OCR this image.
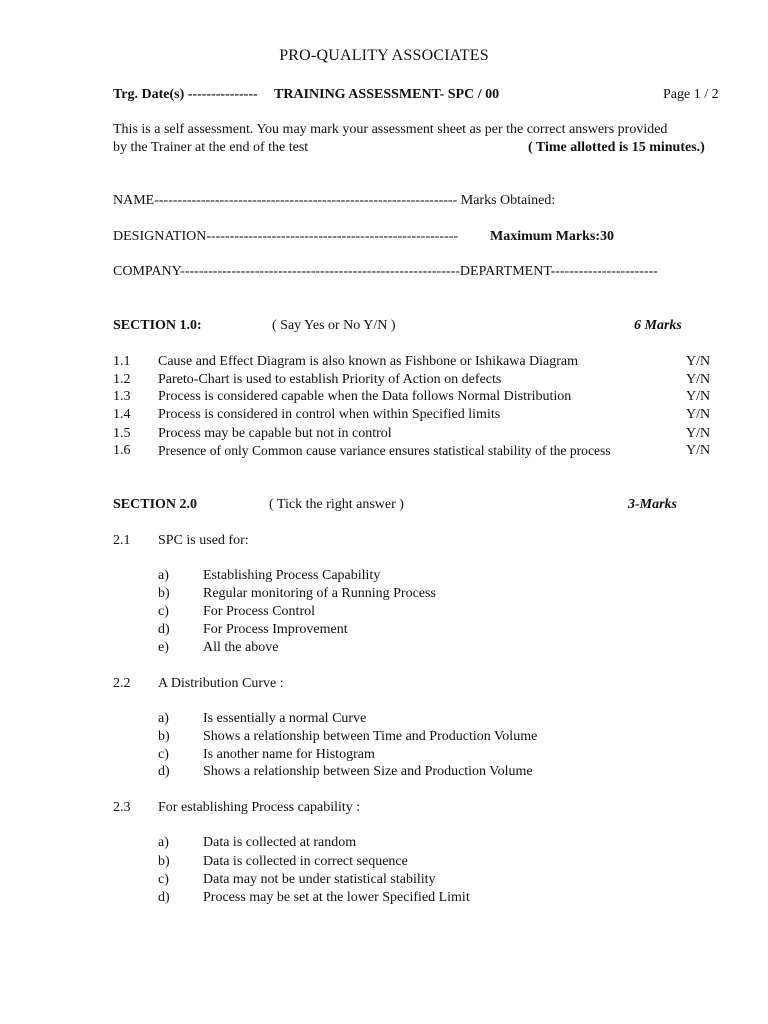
PRO-QUALITY ASSOCIATES
Trg. Date(s) --------------- TRAINING ASSESSMENT- SPC / 00	Page 1 / 2
This is a self assessment. You may mark your assessment sheet as per the correct answers provided
by the Trainer at the end of the test	( Time allotted is 15 minutes.)
NAME----------------------------------------------------------------- Marks Obtained:
DESIGNATION------------------------------------------------------ Maximum Marks:30
COMPANY------------------------------------------------------------DEPARTMENT-----------------------
SECTION 1.0:	( Say Yes or No Y/N )	6 Marks
1.1 Cause and Effect Diagram is also known as Fishbone or Ishikawa Diagram	Y/N
1.2 Pareto-Chart is used to establish Priority of Action on defects	Y/N
1.3 Process is considered capable when the Data follows Normal Distribution	Y/N
1.4 Process is considered in control when within Specified limits	Y/N
1.5 Process may be capable but not in control	Y/N
1.6 Presence of only Common cause variance ensures statistical stability of the process	Y/N
SECTION 2.0	( Tick the right answer )	3-Marks
2.1 SPC is used for:
a) Establishing Process Capability
b) Regular monitoring of a Running Process
c) For Process Control
d) For Process Improvement
e) All the above
2.2 A Distribution Curve :
a) Is essentially a normal Curve
b) Shows a relationship between Time and Production Volume
c) Is another name for Histogram
d) Shows a relationship between Size and Production Volume
2.3 For establishing Process capability :
a) Data is collected at random
b) Data is collected in correct sequence
c) Data may not be under statistical stability
d) Process may be set at the lower Specified Limit
